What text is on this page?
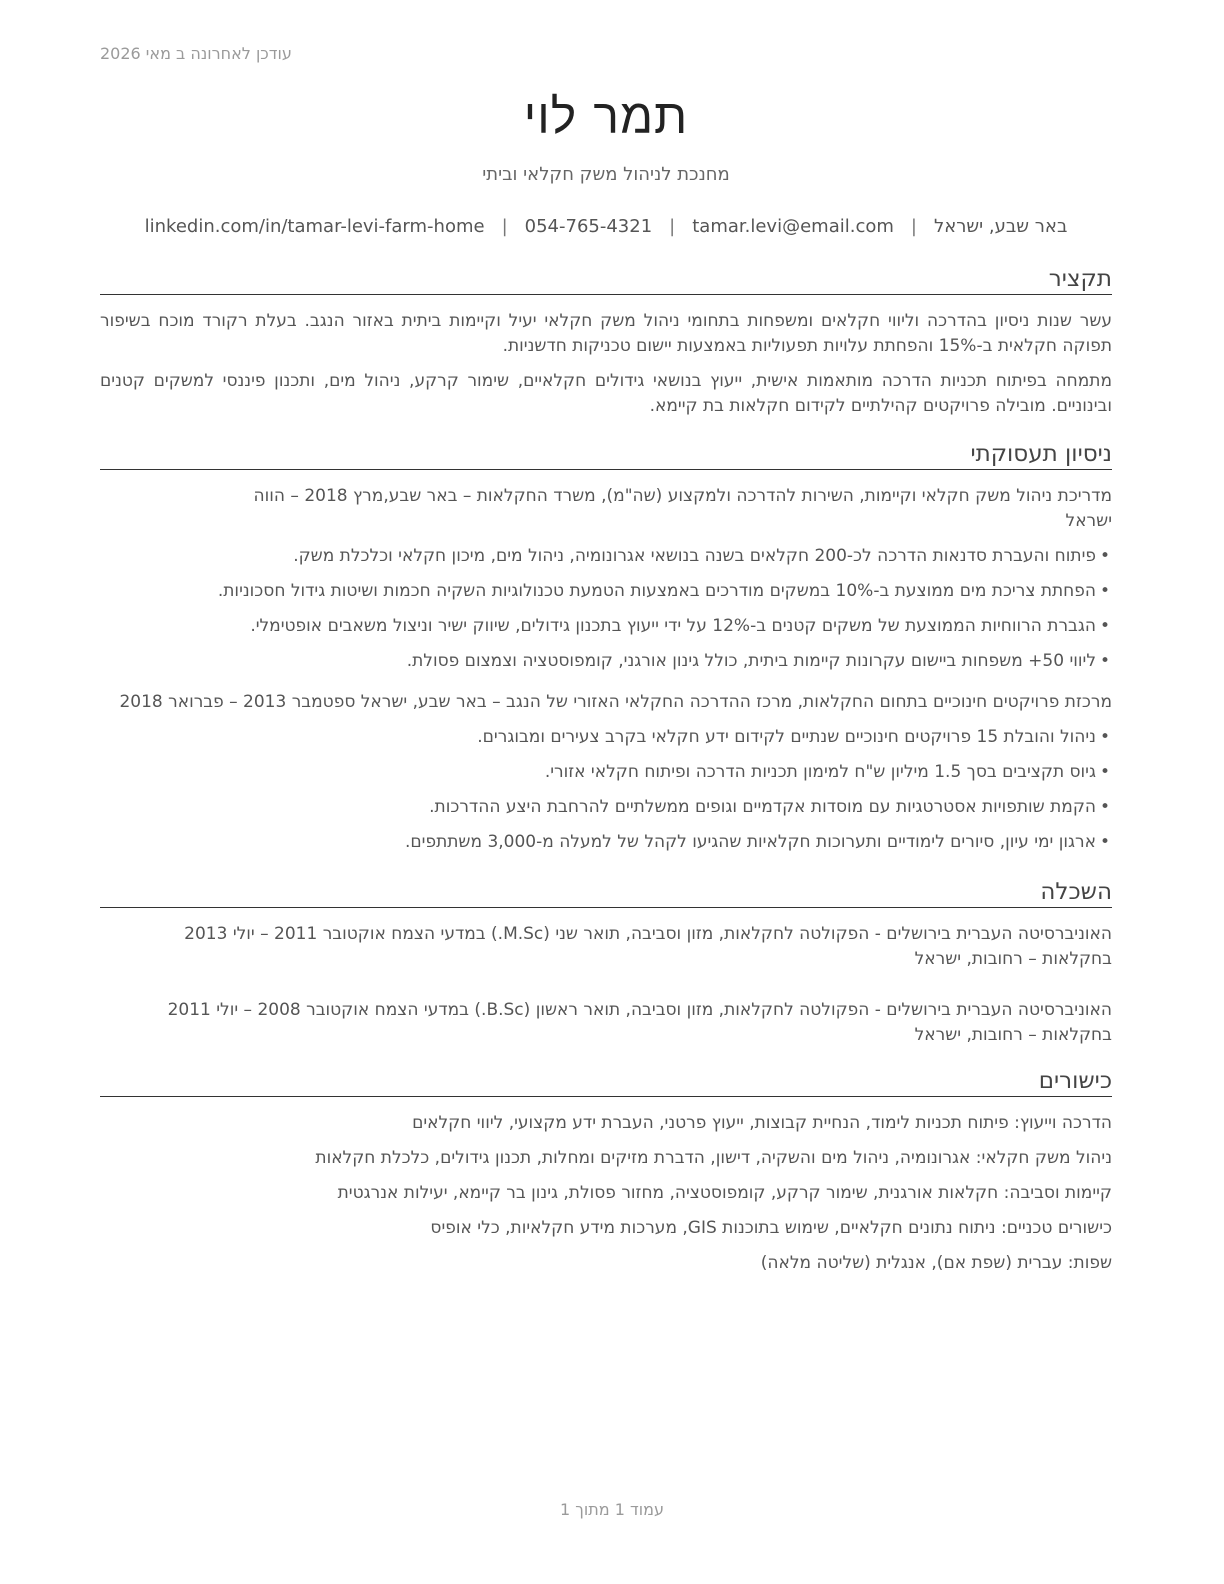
עודכן לאחרונה ב מאי 2026
תמר לוי
מחנכת לניהול משק חקלאי וביתי
באר שבע, ישראל|tamar.levi@email.com|054-765-4321|linkedin.com/in/tamar-levi-farm-home
תקציר

עשר שנות ניסיון בהדרכה וליווי חקלאים ומשפחות בתחומי ניהול משק חקלאי יעיל וקיימות ביתית באזור הנגב. בעלת רקורד מוכח בשיפור תפוקה חקלאית ב-15% והפחתת עלויות תפעוליות באמצעות יישום טכניקות חדשניות.

מתמחה בפיתוח תכניות הדרכה מותאמות אישית, ייעוץ בנושאי גידולים חקלאיים, שימור קרקע, ניהול מים, ותכנון פיננסי למשקים קטנים ובינוניים. מובילה פרויקטים קהילתיים לקידום חקלאות בת קיימא.

ניסיון תעסוקתי
מדריכת ניהול משק חקלאי וקיימות, השירות להדרכה ולמקצוע (שה"מ), משרד החקלאות – באר שבע,מרץ 2018 – הווה
ישראל
•
פיתוח והעברת סדנאות הדרכה לכ-200 חקלאים בשנה בנושאי אגרונומיה, ניהול מים, מיכון חקלאי וכלכלת משק.
•
הפחתת צריכת מים ממוצעת ב-10% במשקים מודרכים באמצעות הטמעת טכנולוגיות השקיה חכמות ושיטות גידול חסכוניות.
•
הגברת הרווחיות הממוצעת של משקים קטנים ב-12% על ידי ייעוץ בתכנון גידולים, שיווק ישיר וניצול משאבים אופטימלי.
•
ליווי 50+ משפחות ביישום עקרונות קיימות ביתית, כולל גינון אורגני, קומפוסטציה וצמצום פסולת.
מרכזת פרויקטים חינוכיים בתחום החקלאות, מרכז ההדרכה החקלאי האזורי של הנגב – באר שבע, ישראל ספטמבר 2013 – פברואר 2018
•
ניהול והובלת 15 פרויקטים חינוכיים שנתיים לקידום ידע חקלאי בקרב צעירים ומבוגרים.
•
גיוס תקציבים בסך 1.5 מיליון ש"ח למימון תכניות הדרכה ופיתוח חקלאי אזורי.
•
הקמת שותפויות אסטרטגיות עם מוסדות אקדמיים וגופים ממשלתיים להרחבת היצע ההדרכות.
•
ארגון ימי עיון, סיורים לימודיים ותערוכות חקלאיות שהגיעו לקהל של למעלה מ-3,000 משתתפים.
השכלה
האוניברסיטה העברית בירושלים - הפקולטה לחקלאות, מזון וסביבה, תואר שני (M.Sc.) במדעי הצמח אוקטובר 2011 – יולי 2013
בחקלאות – רחובות, ישראל
האוניברסיטה העברית בירושלים - הפקולטה לחקלאות, מזון וסביבה, תואר ראשון (B.Sc.) במדעי הצמח אוקטובר 2008 – יולי 2011
בחקלאות – רחובות, ישראל
כישורים
הדרכה וייעוץ: פיתוח תכניות לימוד, הנחיית קבוצות, ייעוץ פרטני, העברת ידע מקצועי, ליווי חקלאים
ניהול משק חקלאי: אגרונומיה, ניהול מים והשקיה, דישון, הדברת מזיקים ומחלות, תכנון גידולים, כלכלת חקלאות
קיימות וסביבה: חקלאות אורגנית, שימור קרקע, קומפוסטציה, מחזור פסולת, גינון בר קיימא, יעילות אנרגטית
כישורים טכניים: ניתוח נתונים חקלאיים, שימוש בתוכנות GIS, מערכות מידע חקלאיות, כלי אופיס
שפות: עברית (שפת אם), אנגלית (שליטה מלאה)
עמוד 1 מתוך 1
